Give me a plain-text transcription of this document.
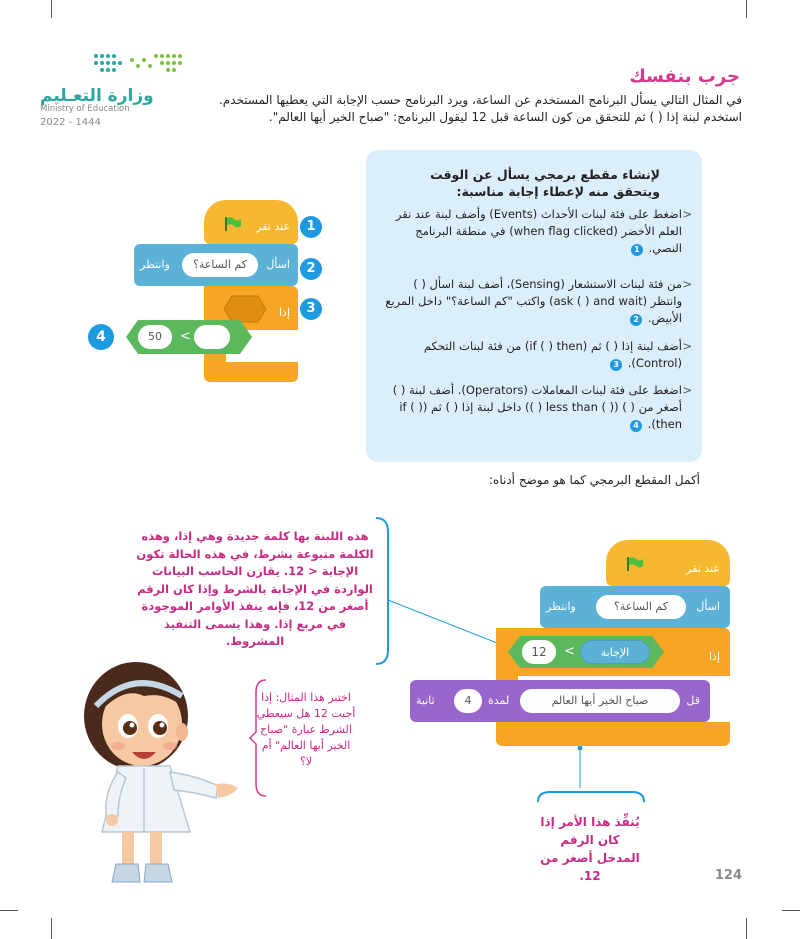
وزارة التعـليم
Ministry of Education
2022 - 1444
جرب بنفسك
في المثال التالي يسأل البرنامج المستخدم عن الساعة، ويرد البرنامج حسب الإجابة التي يعطيها المستخدم.
استخدم لبنة إذا ( ) ثم للتحقق من كون الساعة قبل 12 ليقول البرنامج: "صباح الخير أيها العالم".
لإنشاء مقطع برمجي يسأل عن الوقت ويتحقق منه لإعطاء إجابة مناسبة:
< اضغط على فئة لبنات الأحداث (Events) وأضف لبنة عند نقر العلم الأخضر (when flag clicked) في منطقة البرنامج النصي. 1
< من فئة لبنات الاستشعار (Sensing)، أضف لبنة اسأل ( ) وانتظر (ask ( ) and wait) واكتب "كم الساعة؟" داخل المربع الأبيض. 2
< أضف لبنة إذا ( ) ثم (if ( ) then) من فئة لبنات التحكم (Control). 3
< اضغط على فئة لبنات المعاملات (Operators). أضف لبنة ( ) أصغر من ( ) (( ) less than ( )) داخل لبنة إذا ( ) ثم (if ( ) then). 4
عند نقر
اسأل
كم الساعة؟
وانتظر
إذا
50	>
1
2
3
4
أكمل المقطع البرمجي كما هو موضح أدناه:
هذه اللبنة بها كلمة جديدة وهي إذا، وهذه الكلمة متبوعة بشرط، في هذه الحالة تكون الإجابة < 12. يقارن الحاسب البيانات الواردة في الإجابة بالشرط وإذا كان الرقم أصغر من 12، فإنه ينفذ الأوامر الموجودة في مربع إذا. وهذا يسمى التنفيذ المشروط.
اختبر هذا المثال: إذا أجبت 12 هل سيعطي الشرط عبارة "صباح الخير أيها العالم" أم لا؟
يُنفِّذ هذا الأمر إذا كان الرقم المدخل أصغر من 12.
عند نقر
اسأل
كم الساعة؟
وانتظر
إذا
12	>	الإجابة
قل
صباح الخير أيها العالم
لمدة
4
ثانية
124
